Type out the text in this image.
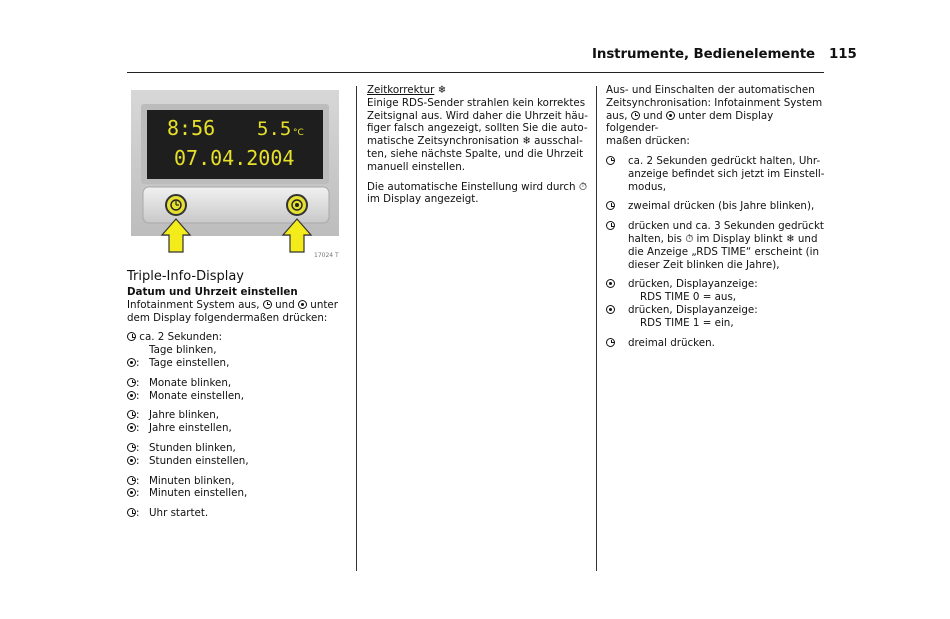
Instrumente, Bedienelemente 115
8:56 5.5 °C
07.04.2004
17024 T
Triple-Info-Display
Datum und Uhrzeit einstellen
Infotainment System aus, und unter
dem Display folgendermaßen drücken:
ca. 2 Sekunden:
Tage blinken,
: Tage einstellen,
: Monate blinken,
: Monate einstellen,
: Jahre blinken,
: Jahre einstellen,
: Stunden blinken,
: Stunden einstellen,
: Minuten blinken,
: Minuten einstellen,
: Uhr startet.
Zeitkorrektur ❄
Einige RDS-Sender strahlen kein korrektes
Zeitsignal aus. Wird daher die Uhrzeit häu-
figer falsch angezeigt, sollten Sie die auto-
matische Zeitsynchronisation ❄ ausschal-
ten, siehe nächste Spalte, und die Uhrzeit
manuell einstellen.
Die automatische Einstellung wird durch ⏱
im Display angezeigt.
Aus- und Einschalten der automatischen
Zeitsynchronisation: Infotainment System
aus, und unter dem Display folgender-
maßen drücken:
ca. 2 Sekunden gedrückt halten, Uhr-
anzeige befindet sich jetzt im Einstell-
modus,
zweimal drücken (bis Jahre blinken),
drücken und ca. 3 Sekunden gedrückt
halten, bis ⏱ im Display blinkt ❄ und
die Anzeige „RDS TIME“ erscheint (in
dieser Zeit blinken die Jahre),
drücken, Displayanzeige:
RDS TIME 0 = aus,
drücken, Displayanzeige:
RDS TIME 1 = ein,
dreimal drücken.
